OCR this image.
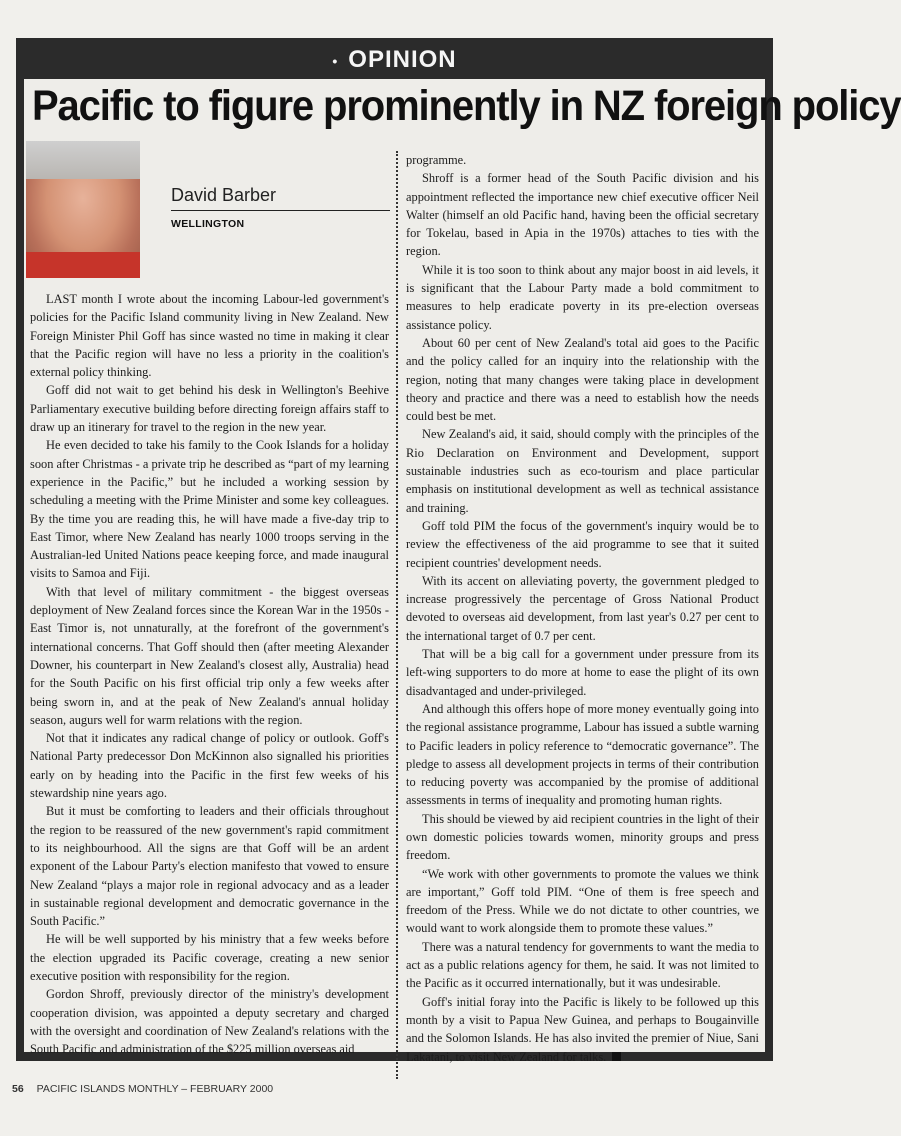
• OPINION
Pacific to figure prominently in NZ foreign policy
David Barber
WELLINGTON

LAST month I wrote about the incoming Labour-led government's policies for the Pacific Island community living in New Zealand. New Foreign Minister Phil Goff has since wasted no time in making it clear that the Pacific region will have no less a priority in the coalition's external policy thinking.

Goff did not wait to get behind his desk in Wellington's Beehive Parliamentary executive building before directing foreign affairs staff to draw up an itinerary for travel to the region in the new year.

He even decided to take his family to the Cook Islands for a holiday soon after Christmas - a private trip he described as “part of my learning experience in the Pacific,” but he included a working session by scheduling a meeting with the Prime Minister and some key colleagues. By the time you are reading this, he will have made a five-day trip to East Timor, where New Zealand has nearly 1000 troops serving in the Australian-led United Nations peace keeping force, and made inaugural visits to Samoa and Fiji.

With that level of military commitment - the biggest overseas deployment of New Zealand forces since the Korean War in the 1950s - East Timor is, not unnaturally, at the forefront of the government's international concerns. That Goff should then (after meeting Alexander Downer, his counterpart in New Zealand's closest ally, Australia) head for the South Pacific on his first official trip only a few weeks after being sworn in, and at the peak of New Zealand's annual holiday season, augurs well for warm relations with the region.

Not that it indicates any radical change of policy or outlook. Goff's National Party predecessor Don McKinnon also signalled his priorities early on by heading into the Pacific in the first few weeks of his stewardship nine years ago.

But it must be comforting to leaders and their officials throughout the region to be reassured of the new government's rapid commitment to its neighbourhood. All the signs are that Goff will be an ardent exponent of the Labour Party's election manifesto that vowed to ensure New Zealand “plays a major role in regional advocacy and as a leader in sustainable regional development and democratic governance in the South Pacific.”

He will be well supported by his ministry that a few weeks before the election upgraded its Pacific coverage, creating a new senior executive position with responsibility for the region.

Gordon Shroff, previously director of the ministry's development cooperation division, was appointed a deputy secretary and charged with the oversight and coordination of New Zealand's relations with the South Pacific and administration of the $225 million overseas aid

programme.

Shroff is a former head of the South Pacific division and his appointment reflected the importance new chief executive officer Neil Walter (himself an old Pacific hand, having been the official secretary for Tokelau, based in Apia in the 1970s) attaches to ties with the region.

While it is too soon to think about any major boost in aid levels, it is significant that the Labour Party made a bold commitment to measures to help eradicate poverty in its pre-election overseas assistance policy.

About 60 per cent of New Zealand's total aid goes to the Pacific and the policy called for an inquiry into the relationship with the region, noting that many changes were taking place in development theory and practice and there was a need to establish how the needs could best be met.

New Zealand's aid, it said, should comply with the principles of the Rio Declaration on Environment and Development, support sustainable industries such as eco-tourism and place particular emphasis on institutional development as well as technical assistance and training.

Goff told PIM the focus of the government's inquiry would be to review the effectiveness of the aid programme to see that it suited recipient countries' development needs.

With its accent on alleviating poverty, the government pledged to increase progressively the percentage of Gross National Product devoted to overseas aid development, from last year's 0.27 per cent to the international target of 0.7 per cent.

That will be a big call for a government under pressure from its left-wing supporters to do more at home to ease the plight of its own disadvantaged and under-privileged.

And although this offers hope of more money eventually going into the regional assistance programme, Labour has issued a subtle warning to Pacific leaders in policy reference to “democratic governance”. The pledge to assess all development projects in terms of their contribution to reducing poverty was accompanied by the promise of additional assessments in terms of inequality and promoting human rights.

This should be viewed by aid recipient countries in the light of their own domestic policies towards women, minority groups and press freedom.

“We work with other governments to promote the values we think are important,” Goff told PIM. “One of them is free speech and freedom of the Press. While we do not dictate to other countries, we would want to work alongside them to promote these values.”

There was a natural tendency for governments to want the media to act as a public relations agency for them, he said. It was not limited to the Pacific as it occurred internationally, but it was undesirable.

Goff's initial foray into the Pacific is likely to be followed up this month by a visit to Papua New Guinea, and perhaps to Bougainville and the Solomon Islands. He has also invited the premier of Niue, Sani Lakatani, to visit New Zealand for talks.

56 PACIFIC ISLANDS MONTHLY – FEBRUARY 2000
